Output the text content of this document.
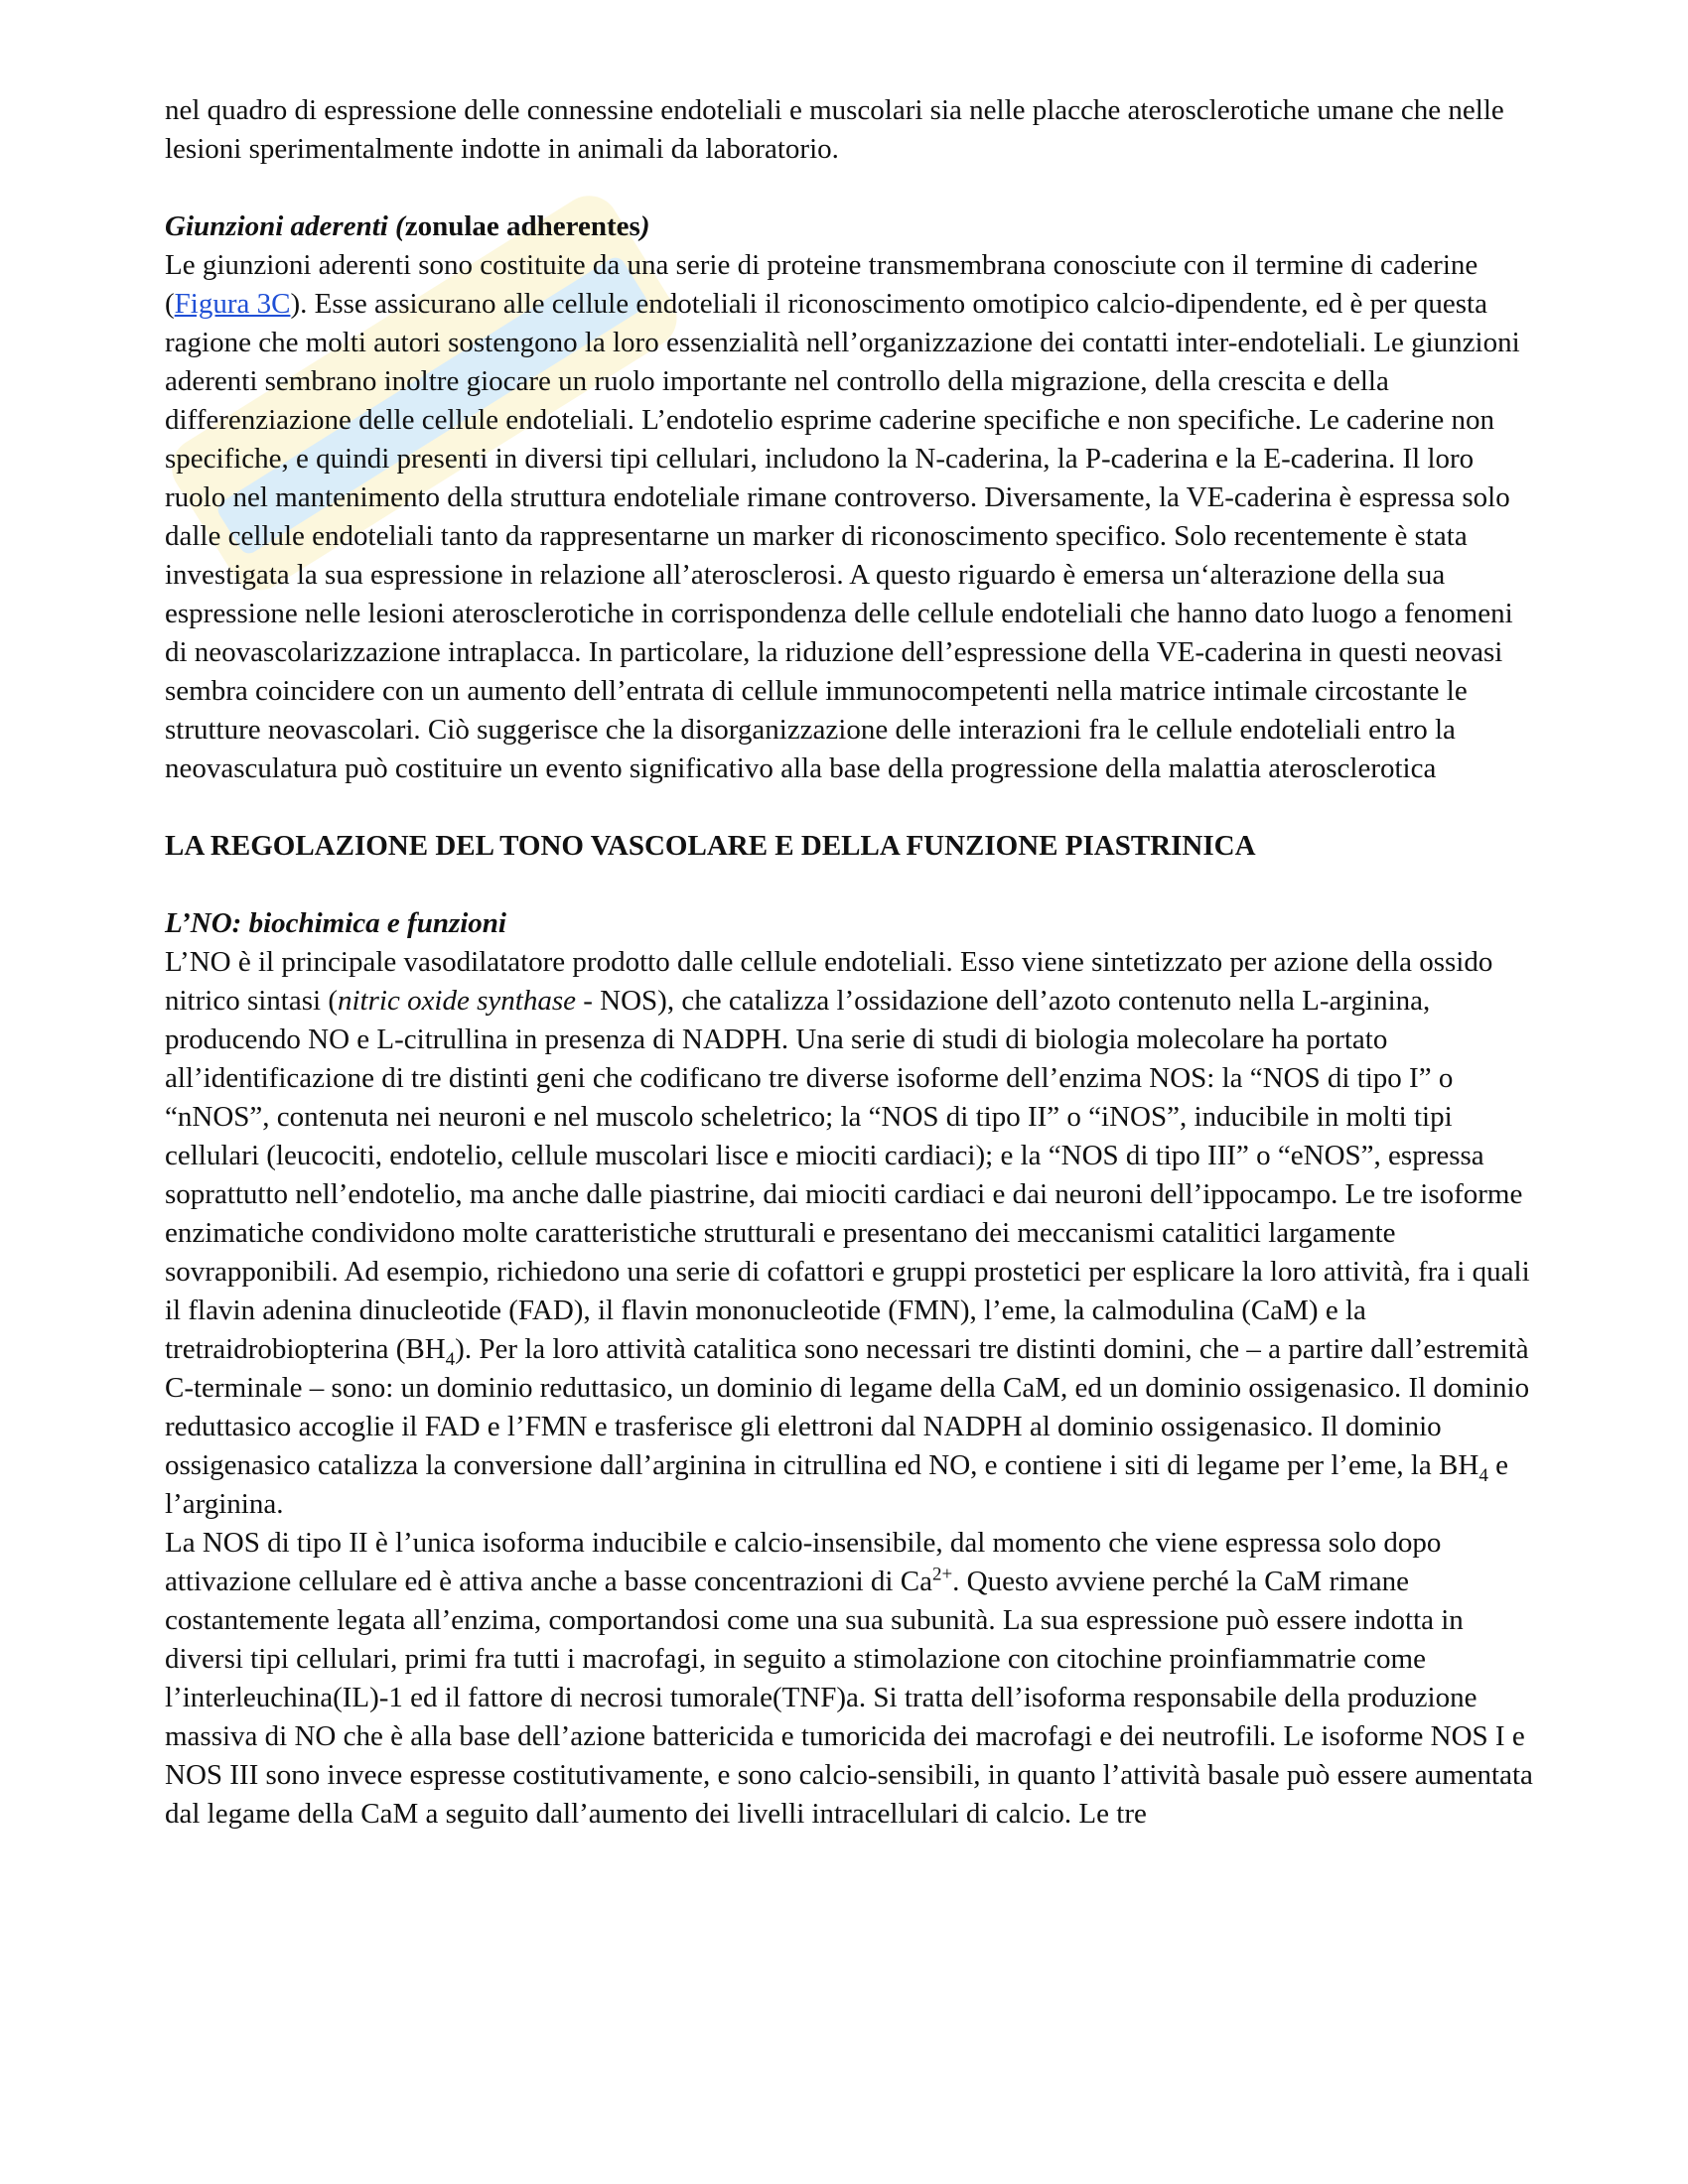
nel quadro di espressione delle connessine endoteliali e muscolari sia nelle placche aterosclerotiche umane che nelle lesioni sperimentalmente indotte in animali da laboratorio.

Giunzioni aderenti (zonulae adherentes)

Le giunzioni aderenti sono costituite da una serie di proteine transmembrana conosciute con il termine di caderine (Figura 3C). Esse assicurano alle cellule endoteliali il riconoscimento omotipico calcio-dipendente, ed è per questa ragione che molti autori sostengono la loro essenzialità nell’organizzazione dei contatti inter-endoteliali. Le giunzioni aderenti sembrano inoltre giocare un ruolo importante nel controllo della migrazione, della crescita e della differenziazione delle cellule endoteliali. L’endotelio esprime caderine specifiche e non specifiche. Le caderine non specifiche, e quindi presenti in diversi tipi cellulari, includono la N-caderina, la P-caderina e la E-caderina. Il loro ruolo nel mantenimento della struttura endoteliale rimane controverso. Diversamente, la VE-caderina è espressa solo dalle cellule endoteliali tanto da rappresentarne un marker di riconoscimento specifico. Solo recentemente è stata investigata la sua espressione in relazione all’aterosclerosi. A questo riguardo è emersa un‘alterazione della sua espressione nelle lesioni aterosclerotiche in corrispondenza delle cellule endoteliali che hanno dato luogo a fenomeni di neovascolarizzazione intraplacca. In particolare, la riduzione dell’espressione della VE-caderina in questi neovasi sembra coincidere con un aumento dell’entrata di cellule immunocompetenti nella matrice intimale circostante le strutture neovascolari. Ciò suggerisce che la disorganizzazione delle interazioni fra le cellule endoteliali entro la neovasculatura può costituire un evento significativo alla base della progressione della malattia aterosclerotica

LA REGOLAZIONE DEL TONO VASCOLARE E DELLA FUNZIONE PIASTRINICA

L’NO: biochimica e funzioni

L’NO è il principale vasodilatatore prodotto dalle cellule endoteliali. Esso viene sintetizzato per azione della ossido nitrico sintasi (nitric oxide synthase - NOS), che catalizza l’ossidazione dell’azoto contenuto nella L-arginina, producendo NO e L-citrullina in presenza di NADPH. Una serie di studi di biologia molecolare ha portato all’identificazione di tre distinti geni che codificano tre diverse isoforme dell’enzima NOS: la “NOS di tipo I” o “nNOS”, contenuta nei neuroni e nel muscolo scheletrico; la “NOS di tipo II” o “iNOS”, inducibile in molti tipi cellulari (leucociti, endotelio, cellule muscolari lisce e miociti cardiaci); e la “NOS di tipo III” o “eNOS”, espressa soprattutto nell’endotelio, ma anche dalle piastrine, dai miociti cardiaci e dai neuroni dell’ippocampo. Le tre isoforme enzimatiche condividono molte caratteristiche strutturali e presentano dei meccanismi catalitici largamente sovrapponibili. Ad esempio, richiedono una serie di cofattori e gruppi prostetici per esplicare la loro attività, fra i quali il flavin adenina dinucleotide (FAD), il flavin mononucleotide (FMN), l’eme, la calmodulina (CaM) e la tretraidrobiopterina $(BH_4)$. Per la loro attività catalitica sono necessari tre distinti domini, che – a partire dall’estremità C-terminale – sono: un dominio reduttasico, un dominio di legame della CaM, ed un dominio ossigenasico. Il dominio reduttasico accoglie il FAD e l’FMN e trasferisce gli elettroni dal NADPH al dominio ossigenasico. Il dominio ossigenasico catalizza la conversione dall’arginina in citrullina ed NO, e contiene i siti di legame per l’eme, la $BH_4$ e l’arginina.

La NOS di tipo II è l’unica isoforma inducibile e calcio-insensibile, dal momento che viene espressa solo dopo attivazione cellulare ed è attiva anche a basse concentrazioni di $Ca^{2+}$. Questo avviene perché la CaM rimane costantemente legata all’enzima, comportandosi come una sua subunità. La sua espressione può essere indotta in diversi tipi cellulari, primi fra tutti i macrofagi, in seguito a stimolazione con citochine proinfiammatrie come l’interleuchina(IL)-1 ed il fattore di necrosi tumorale(TNF)a. Si tratta dell’isoforma responsabile della produzione massiva di NO che è alla base dell’azione battericida e tumoricida dei macrofagi e dei neutrofili. Le isoforme NOS I e NOS III sono invece espresse costitutivamente, e sono calcio-sensibili, in quanto l’attività basale può essere aumentata dal legame della CaM a seguito dall’aumento dei livelli intracellulari di calcio. Le tre
